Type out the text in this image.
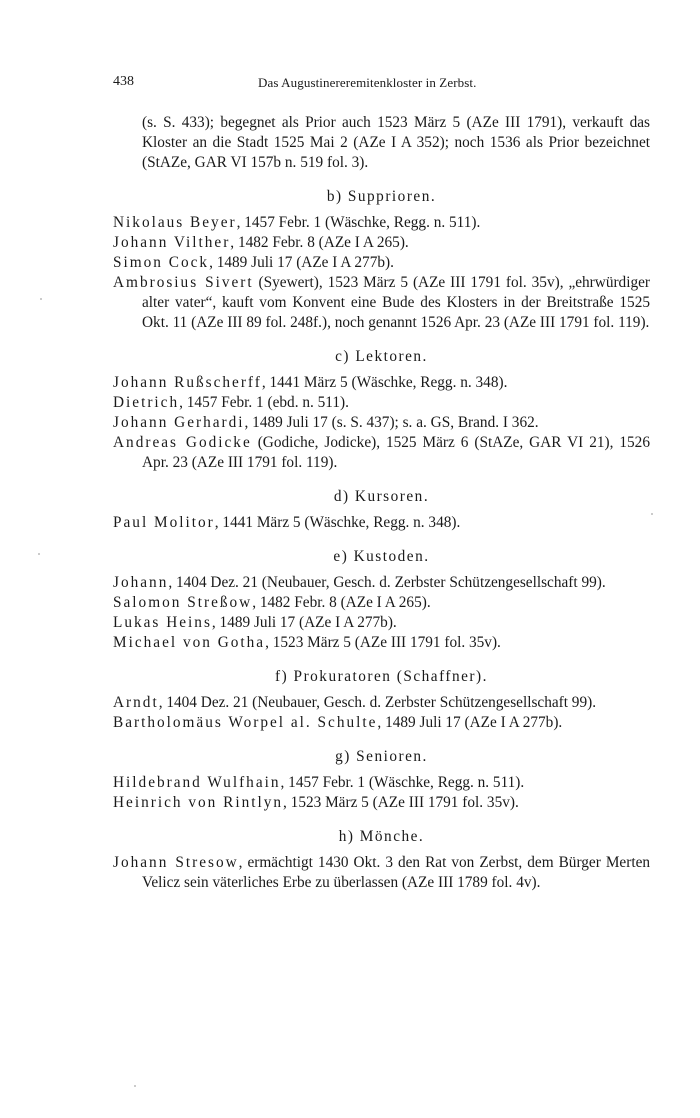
438	Das Augustinereremitenkloster in Zerbst.

(s. S. 433); begegnet als Prior auch 1523 März 5 (AZe III 1791), verkauft das Kloster an die Stadt 1525 Mai 2 (AZe I A 352); noch 1536 als Prior bezeichnet (StAZe, GAR VI 157b n. 519 fol. 3).

b) Supprioren.

Nikolaus Beyer, 1457 Febr. 1 (Wäschke, Regg. n. 511).

Johann Vilther, 1482 Febr. 8 (AZe I A 265).

Simon Cock, 1489 Juli 17 (AZe I A 277b).

Ambrosius Sivert (Syewert), 1523 März 5 (AZe III 1791 fol. 35v), „ehrwürdiger alter vater“, kauft vom Konvent eine Bude des Klosters in der Breitstraße 1525 Okt. 11 (AZe III 89 fol. 248f.), noch genannt 1526 Apr. 23 (AZe III 1791 fol. 119).

c) Lektoren.

Johann Rußscherff, 1441 März 5 (Wäschke, Regg. n. 348).

Dietrich, 1457 Febr. 1 (ebd. n. 511).

Johann Gerhardi, 1489 Juli 17 (s. S. 437); s. a. GS, Brand. I 362.

Andreas Godicke (Godiche, Jodicke), 1525 März 6 (StAZe, GAR VI 21), 1526 Apr. 23 (AZe III 1791 fol. 119).

d) Kursoren.

Paul Molitor, 1441 März 5 (Wäschke, Regg. n. 348).

e) Kustoden.

Johann, 1404 Dez. 21 (Neubauer, Gesch. d. Zerbster Schützengesellschaft 99).

Salomon Streßow, 1482 Febr. 8 (AZe I A 265).

Lukas Heins, 1489 Juli 17 (AZe I A 277b).

Michael von Gotha, 1523 März 5 (AZe III 1791 fol. 35v).

f) Prokuratoren (Schaffner).

Arndt, 1404 Dez. 21 (Neubauer, Gesch. d. Zerbster Schützengesellschaft 99).

Bartholomäus Worpel al. Schulte, 1489 Juli 17 (AZe I A 277b).

g) Senioren.

Hildebrand Wulfhain, 1457 Febr. 1 (Wäschke, Regg. n. 511).

Heinrich von Rintlyn, 1523 März 5 (AZe III 1791 fol. 35v).

h) Mönche.

Johann Stresow, ermächtigt 1430 Okt. 3 den Rat von Zerbst, dem Bürger Merten Velicz sein väterliches Erbe zu überlassen (AZe III 1789 fol. 4v).
